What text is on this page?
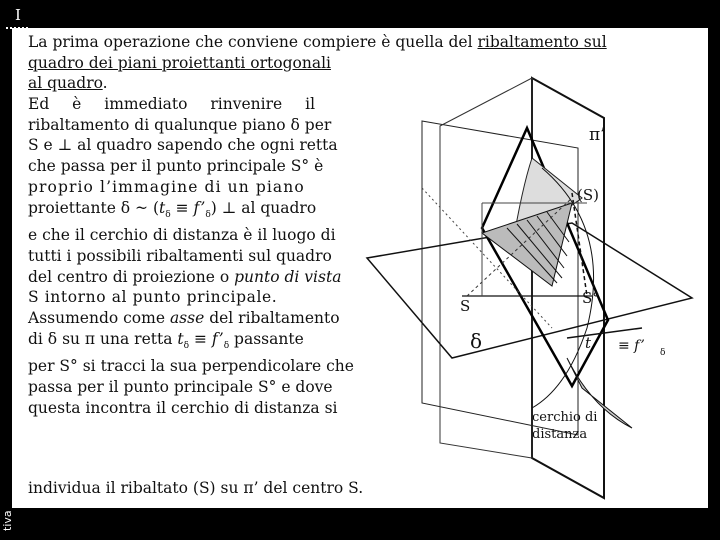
I
tiva
La prima operazione che conviene compiere è quella del ribaltamento sul
quadro dei piani proiettanti ortogonali
al quadro.
Ed è immediato rinvenire il
ribaltamento di qualunque piano δ per
S e ⊥ al quadro sapendo che ogni retta
che passa per il punto principale S° è
proprio l’immagine di un piano
proiettante δ ~ ($t_\delta$ ≡ $f’_\delta$) ⊥ al quadro
e che il cerchio di distanza è il luogo di
tutti i possibili ribaltamenti sul quadro
del centro di proiezione o punto di vista
S intorno al punto principale.
Assumendo come asse del ribaltamento
di δ su π una retta $t_\delta$ ≡ $f’_\delta$ passante
per S° si tracci la sua perpendicolare che
passa per il punto principale S° e dove
questa incontra il cerchio di distanza si
individua il ribaltato (S) su π’ del centro S.
π’
(S)
S	S°
δ	t ≡ f’ δ
cerchio di
distanza
